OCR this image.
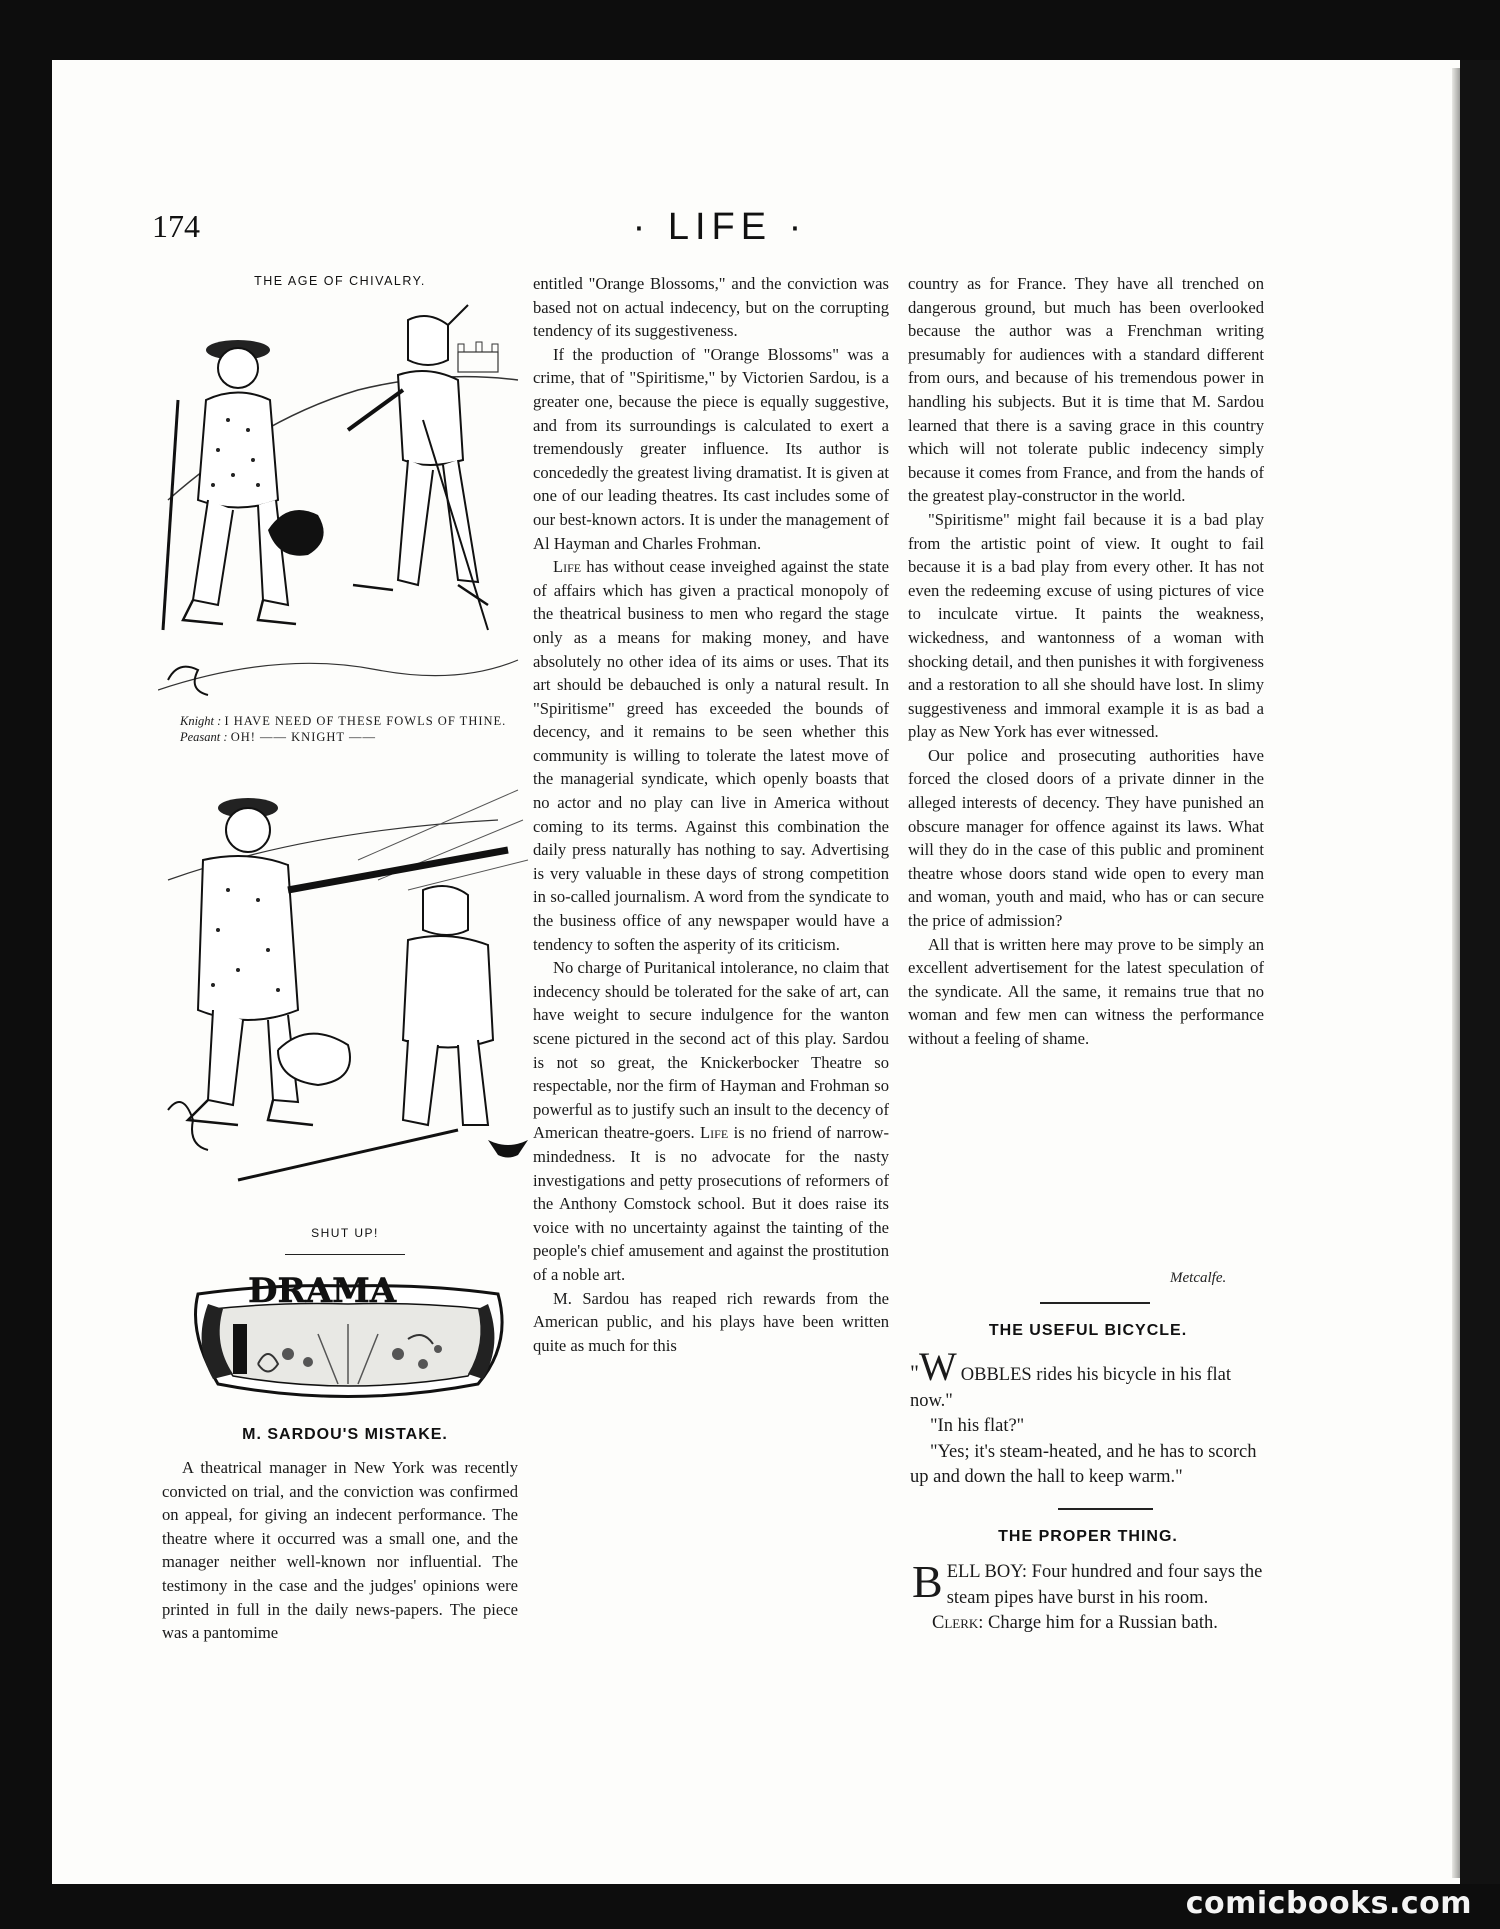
174	· LIFE ·
THE AGE OF CHIVALRY.
Knight : I HAVE NEED OF THESE FOWLS OF THINE.
Peasant : OH! —— KNIGHT ——
SHUT UP!
DRAMA
M. SARDOU'S MISTAKE.

A theatrical manager in New York was recently convicted on trial, and the conviction was confirmed on appeal, for giving an indecent performance. The theatre where it occurred was a small one, and the manager neither well-known nor influential. The testimony in the case and the judges' opinions were printed in full in the daily news-papers. The piece was a pantomime

entitled "Orange Blossoms," and the conviction was based not on actual indecency, but on the corrupting tendency of its suggestiveness.

If the production of "Orange Blossoms" was a crime, that of "Spiritisme," by Victorien Sardou, is a greater one, because the piece is equally suggestive, and from its surroundings is calculated to exert a tremendously greater influence. Its author is concededly the greatest living dramatist. It is given at one of our leading theatres. Its cast includes some of our best-known actors. It is under the management of Al Hayman and Charles Frohman.

Life has without cease inveighed against the state of affairs which has given a practical monopoly of the theatrical business to men who regard the stage only as a means for making money, and have absolutely no other idea of its aims or uses. That its art should be debauched is only a natural result. In "Spiritisme" greed has exceeded the bounds of decency, and it remains to be seen whether this community is willing to tolerate the latest move of the managerial syndicate, which openly boasts that no actor and no play can live in America without coming to its terms. Against this combination the daily press naturally has nothing to say. Advertising is very valuable in these days of strong competition in so-called journalism. A word from the syndicate to the business office of any newspaper would have a tendency to soften the asperity of its criticism.

No charge of Puritanical intolerance, no claim that indecency should be tolerated for the sake of art, can have weight to secure indulgence for the wanton scene pictured in the second act of this play. Sardou is not so great, the Knickerbocker Theatre so respectable, nor the firm of Hayman and Frohman so powerful as to justify such an insult to the decency of American theatre-goers. Life is no friend of narrow-mindedness. It is no advocate for the nasty investigations and petty prosecutions of reformers of the Anthony Comstock school. But it does raise its voice with no uncertainty against the tainting of the people's chief amusement and against the prostitution of a noble art.

M. Sardou has reaped rich rewards from the American public, and his plays have been written quite as much for this

country as for France. They have all trenched on dangerous ground, but much has been overlooked because the author was a Frenchman writing presumably for audiences with a standard different from ours, and because of his tremendous power in handling his subjects. But it is time that M. Sardou learned that there is a saving grace in this country which will not tolerate public indecency simply because it comes from France, and from the hands of the greatest play-constructor in the world.

"Spiritisme" might fail because it is a bad play from the artistic point of view. It ought to fail because it is a bad play from every other. It has not even the redeeming excuse of using pictures of vice to inculcate virtue. It paints the weakness, wickedness, and wantonness of a woman with shocking detail, and then punishes it with forgiveness and a restoration to all she should have lost. In slimy suggestiveness and immoral example it is as bad a play as New York has ever witnessed.

Our police and prosecuting authorities have forced the closed doors of a private dinner in the alleged interests of decency. They have punished an obscure manager for offence against its laws. What will they do in the case of this public and prominent theatre whose doors stand wide open to every man and woman, youth and maid, who has or can secure the price of admission?

All that is written here may prove to be simply an excellent advertisement for the latest speculation of the syndicate. All the same, it remains true that no woman and few men can witness the performance without a feeling of shame.

Metcalfe.
THE USEFUL BICYCLE.

"W OBBLES rides his bicycle in his flat now."

"In his flat?"

"Yes; it's steam-heated, and he has to scorch up and down the hall to keep warm."

THE PROPER THING.

BELL BOY: Four hundred and four says the steam pipes have burst in his room.

Clerk: Charge him for a Russian bath.

comicbooks.com
